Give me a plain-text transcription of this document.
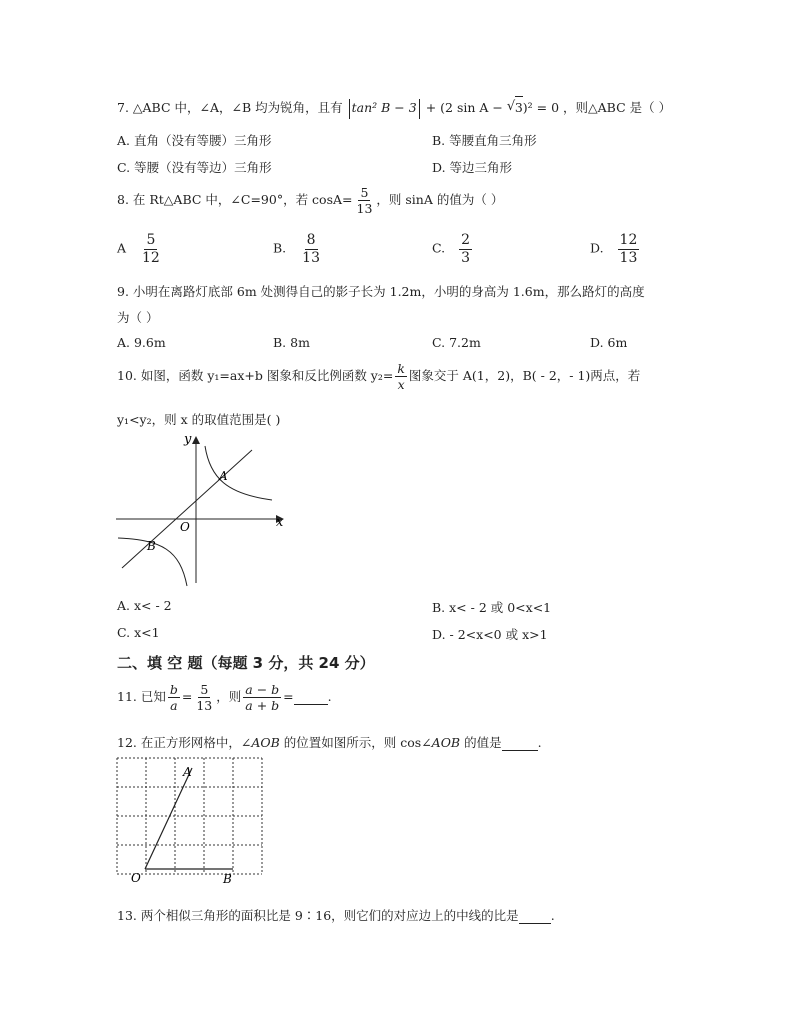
7. △ABC 中，∠A，∠B 均为锐角，且有 tan² B − 3 + (2 sin A − √ 3)² = 0 ，则△ABC 是（ ）
A. 直角（没有等腰）三角形	B. 等腰直角三角形
C. 等腰（没有等边）三角形	D. 等边三角形
8. 在 Rt△ABC 中，∠C=90°，若 $\cos A= \frac{5}{13}$ ，则 sinA 的值为（ ）
A $\frac{5}{12}$	B. $\frac{8}{13}$	C. $\frac{2}{3}$	D. $\frac{12}{13}$
9. 小明在离路灯底部 6m 处测得自己的影子长为 1.2m，小明的身高为 1.6m，那么路灯的高度
为（ ）
A. 9.6m	B. 8m	C. 7.2m	D. 6m
10. 如图，函数 y₁=ax+b 图象和反比例函数 $y_2= \frac{k}{x}$ 图象交于 A(1，2)，B( - 2，- 1)两点，若
y₁<y₂，则 x 的取值范围是( )
x
y
O
A
B
A. x< - 2	B. x< - 2 或 0<x<1
C. x<1	D. - 2<x<0 或 x>1
二、填 空 题（每题 3 分，共 24 分）
11. 已知 $\frac{b}{a} = \frac{5}{13}$ ，则 $\frac{a - b}{a + b}$ =	.
12. 在正方形网格中，∠AOB 的位置如图所示，则 cos∠AOB 的值是	.
A
O	B
13. 两个相似三角形的面积比是 9∶16，则它们的对应边上的中线的比是	.
